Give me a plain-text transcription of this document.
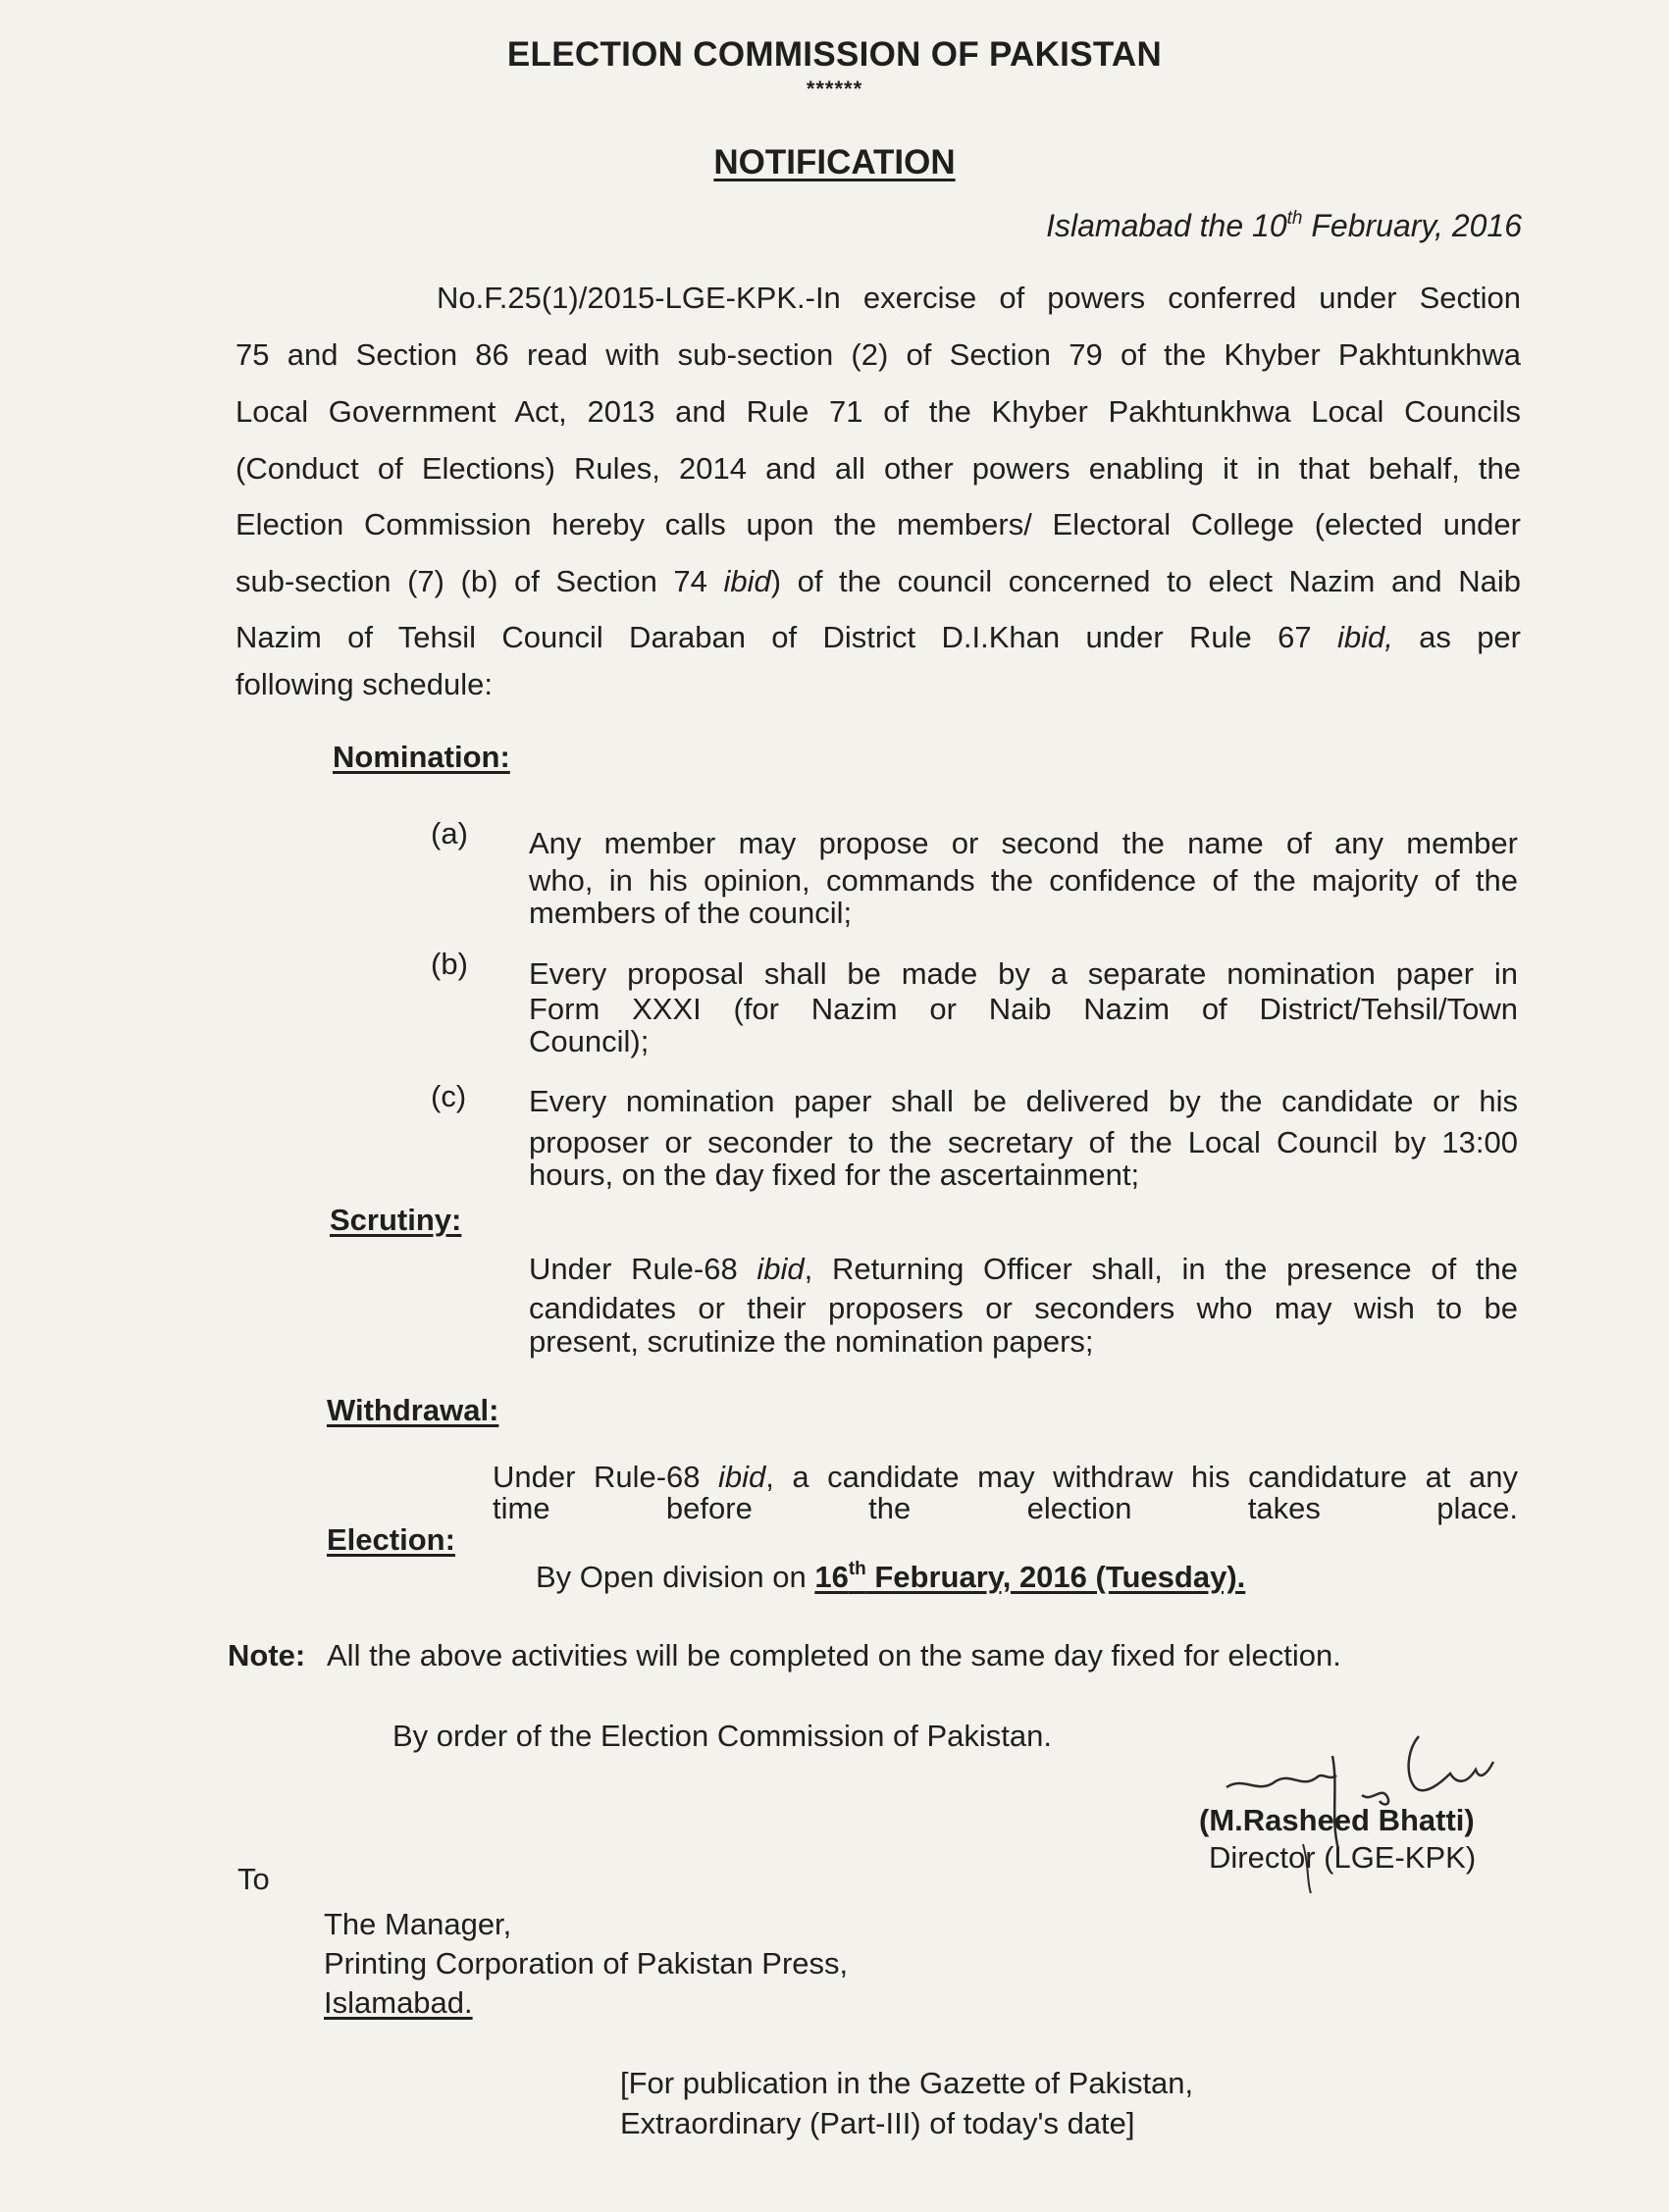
ELECTION COMMISSION OF PAKISTAN
******
NOTIFICATION
Islamabad the 10th February, 2016
No.F.25(1)/2015-LGE-KPK.-In exercise of powers conferred under Section
75 and Section 86 read with sub-section (2) of Section 79 of the Khyber Pakhtunkhwa
Local Government Act, 2013 and Rule 71 of the Khyber Pakhtunkhwa Local Councils
(Conduct of Elections) Rules, 2014 and all other powers enabling it in that behalf, the
Election Commission hereby calls upon the members/ Electoral College (elected under
sub-section (7) (b) of Section 74 ibid) of the council concerned to elect Nazim and Naib
Nazim of Tehsil Council Daraban of District D.I.Khan under Rule 67 ibid, as per
following schedule:
Nomination:
(a) Any member may propose or second the name of any member
who, in his opinion, commands the confidence of the majority of the
members of the council;
(b) Every proposal shall be made by a separate nomination paper in
Form XXXI (for Nazim or Naib Nazim of District/Tehsil/Town
Council);
(c) Every nomination paper shall be delivered by the candidate or his
proposer or seconder to the secretary of the Local Council by 13:00
hours, on the day fixed for the ascertainment;
Scrutiny:
Under Rule-68 ibid, Returning Officer shall, in the presence of the
candidates or their proposers or seconders who may wish to be
present, scrutinize the nomination papers;
Withdrawal:
Under Rule-68 ibid, a candidate may withdraw his candidature at any
time before the election takes place.
Election:
By Open division on 16th February, 2016 (Tuesday).
Note: All the above activities will be completed on the same day fixed for election.
By order of the Election Commission of Pakistan.
(M.Rasheed Bhatti)
Director (LGE-KPK)
To
The Manager,
Printing Corporation of Pakistan Press,
Islamabad.
[For publication in the Gazette of Pakistan,
Extraordinary (Part-III) of today's date]
